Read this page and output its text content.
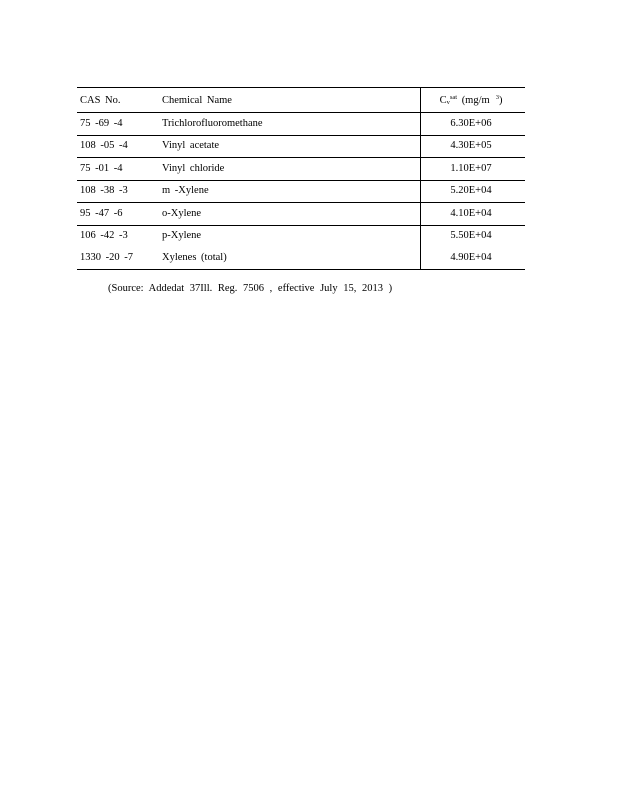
CAS No.	Chemical Name	$Cv^{sat}$ (mg/m $^3$)
75 -69 -4	Trichlorofluoromethane	6.30E+06
108 -05 -4	Vinyl acetate	4.30E+05
75 -01 -4	Vinyl chloride	1.10E+07
108 -38 -3	m -Xylene	5.20E+04
95 -47 -6	o-Xylene	4.10E+04
106 -42 -3	p-Xylene	5.50E+04
1330 -20 -7	Xylenes (total)	4.90E+04
(Source: Addedat 37Ill. Reg. 7506 , effective July 15, 2013 )
